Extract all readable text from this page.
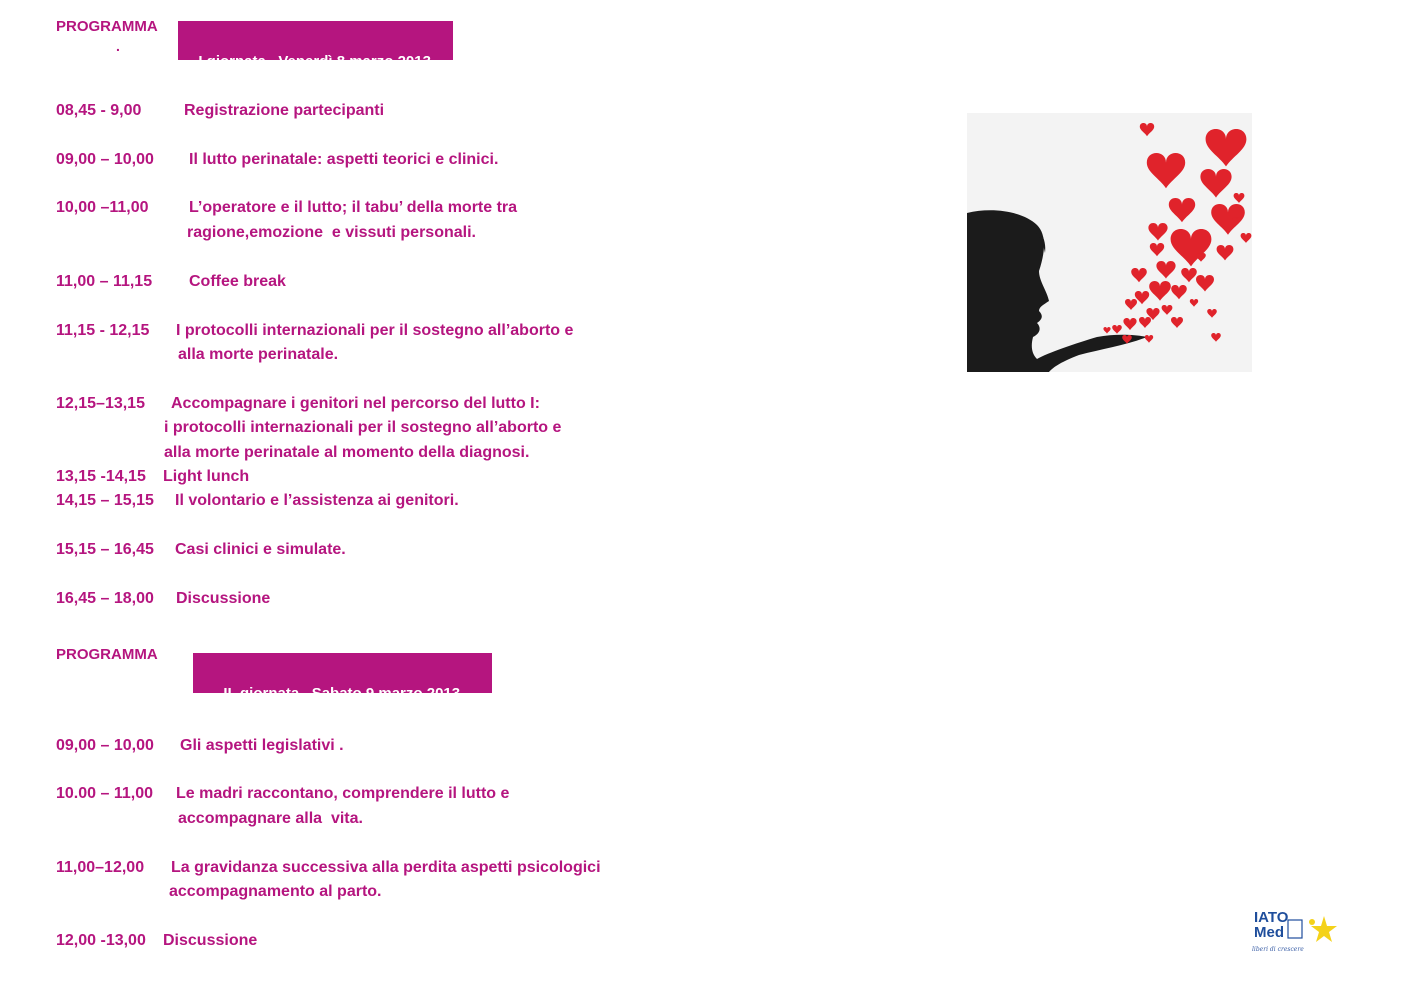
PROGRAMMA
.

I giornata   Venerdì 8 marzo 2013

08,45 - 9,00	Registrazione partecipanti
09,00 – 10,00 Il lutto perinatale: aspetti teorici e clinici.
10,00 –11,00	L’operatore e il lutto; il tabu’ della morte tra
ragione,emozione  e vissuti personali.
11,00 – 11,15 Coffee break
11,15 - 12,15 I protocolli internazionali per il sostegno all’aborto e
alla morte perinatale.
12,15–13,15 Accompagnare i genitori nel percorso del lutto I:
i protocolli internazionali per il sostegno all’aborto e
alla morte perinatale al momento della diagnosi.
13,15 -14,15 Light lunch
14,15 – 15,15 Il volontario e l’assistenza ai genitori.
15,15 – 16,45 Casi clinici e simulate.
16,45 – 18,00 Discussione
PROGRAMMA

II  giornata   Sabato 9 marzo 2013

09,00 – 10,00 Gli aspetti legislativi .
10.00 – 11,00 Le madri raccontano, comprendere il lutto e
accompagnare alla  vita.
11,00–12,00 La gravidanza successiva alla perdita aspetti psicologici
accompagnamento al parto.
12,00 -13,00 Discussione
IATO
Med
liberi di crescere
